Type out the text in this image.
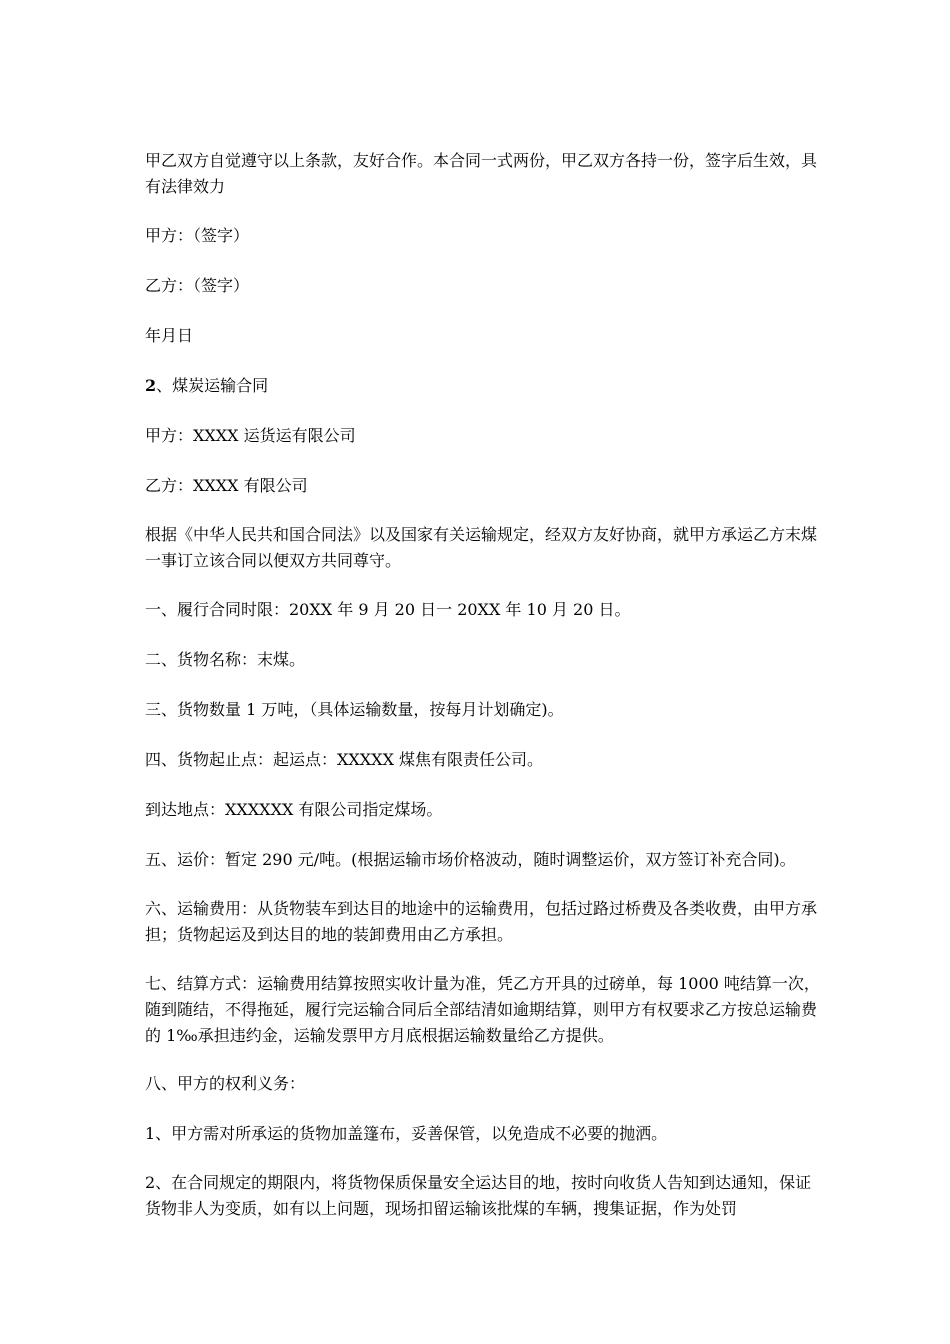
甲乙双方自觉遵守以上条款，友好合作。本合同一式两份，甲乙双方各持一份，签字后生效，具有法律效力

甲方：（签字）

乙方：（签字）

年月日

2、煤炭运输合同

甲方：XXXX 运货运有限公司

乙方：XXXX 有限公司

根据《中华人民共和国合同法》以及国家有关运输规定，经双方友好协商，就甲方承运乙方末煤一事订立该合同以便双方共同尊守。

一、履行合同时限：20XX 年 9 月 20 日一 20XX 年 10 月 20 日。

二、货物名称：末煤。

三、货物数量 1 万吨，（具体运输数量，按每月计划确定)。

四、货物起止点：起运点：XXXXX 煤焦有限责任公司。

到达地点：XXXXXX 有限公司指定煤场。

五、运价：暂定 290 元/吨。(根据运输市场价格波动，随时调整运价，双方签订补充合同)。

六、运输费用：从货物装车到达目的地途中的运输费用，包括过路过桥费及各类收费，由甲方承担；货物起运及到达目的地的装卸费用由乙方承担。

七、结算方式：运输费用结算按照实收计量为准，凭乙方开具的过磅单，每 1000 吨结算一次，随到随结，不得拖延，履行完运输合同后全部结清如逾期结算，则甲方有权要求乙方按总运输费的 1‰承担违约金，运输发票甲方月底根据运输数量给乙方提供。

八、甲方的权利义务：

1、甲方需对所承运的货物加盖篷布，妥善保管，以免造成不必要的抛洒。

2、在合同规定的期限内，将货物保质保量安全运达目的地，按时向收货人告知到达通知，保证货物非人为变质，如有以上问题，现场扣留运输该批煤的车辆，搜集证据，作为处罚
